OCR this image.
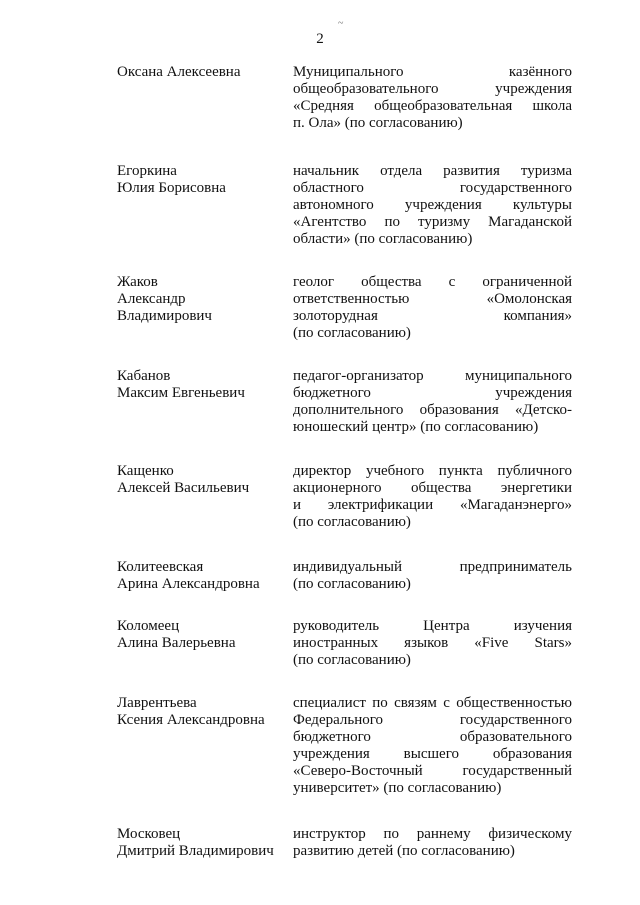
2
~
Оксана Алексеевна	Муниципального казённого
общеобразовательного учреждения
«Средняя общеобразовательная школа
п. Ола» (по согласованию)
Егоркина
Юлия Борисовна
начальник отдела развития туризма
областного государственного
автономного учреждения культуры
«Агентство по туризму Магаданской
области» (по согласованию)
Жаков
Александр
Владимирович
геолог общества с ограниченной
ответственностью «Омолонская
золоторудная компания»
(по согласованию)
Кабанов
Максим Евгеньевич
педагог-организатор муниципального
бюджетного учреждения
дополнительного образования «Детско-
юношеский центр» (по согласованию)
Кащенко
Алексей Васильевич
директор учебного пункта публичного
акционерного общества энергетики
и электрификации «Магаданэнерго»
(по согласованию)
Колитеевская
Арина Александровна
индивидуальный предприниматель
(по согласованию)
Коломеец
Алина Валерьевна
руководитель Центра изучения
иностранных языков «Five Stars»
(по согласованию)
Лаврентьева
Ксения Александровна
специалист по связям с общественностью
Федерального государственного
бюджетного образовательного
учреждения высшего образования
«Северо-Восточный государственный
университет» (по согласованию)
Московец
Дмитрий Владимирович
инструктор по раннему физическому
развитию детей (по согласованию)
